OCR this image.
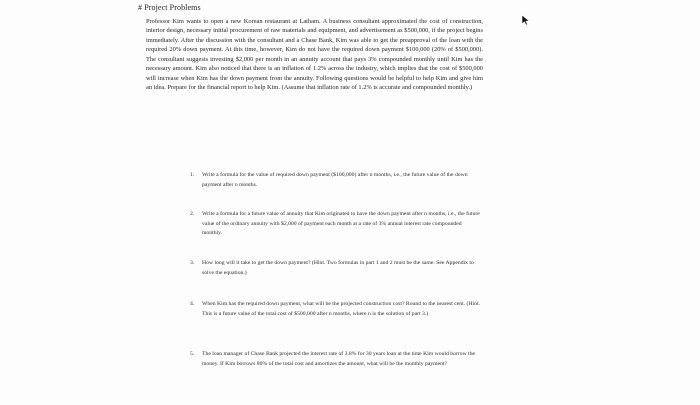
# Project Problems

Professor Kim wants to open a new Korean restaurant at Latham. A business consultant approximated the cost of construction, interior design, necessary initial procurement of raw materials and equipment, and advertisement as $500,000, if the project begins immediately. After the discussion with the consultant and a Chase Bank, Kim was able to get the preapproval of the loan with the required 20% down payment. At this time, however, Kim do not have the required down payment $100,000 (20% of $500,000). The consultant suggests investing $2,000 per month in an annuity account that pays 3% compounded monthly until Kim has the necessary amount. Kim also noticed that there is an inflation of 1.2% across the industry, which implies that the cost of $500,000 will increase when Kim has the down payment from the annuity. Following questions would be helpful to help Kim and give him an idea. Prepare for the financial report to help Kim. (Assume that inflation rate of 1.2% is accurate and compounded monthly.)

1.	Write a formula for the value of required down payment ($100,000) after n months, i.e., the future value of the down payment after n months.
2.	Write a formula for a future value of annuity that Kim originated to have the down payment after n months, i.e., the future value of the ordinary annuity with $2,000 of payment each month at a rate of 3% annual interest rate compounded monthly.
3.	How long will it take to get the down payment? (Hint. Two formulas in part 1 and 2 must be the same. See Appendix to solve the equation.)
4.	When Kim has the required down payment, what will be the projected construction cost? Round to the nearest cent. (Hint. This is a future value of the total cost of $500,000 after n months, where n is the solution of part 3.)
5.	The loan manager of Chase Bank projected the interest rate of 3.8% for 30 years loan at the time Kim would borrow the money. If Kim borrows 80% of the total cost and amortizes the amount, what will be the monthly payment?
